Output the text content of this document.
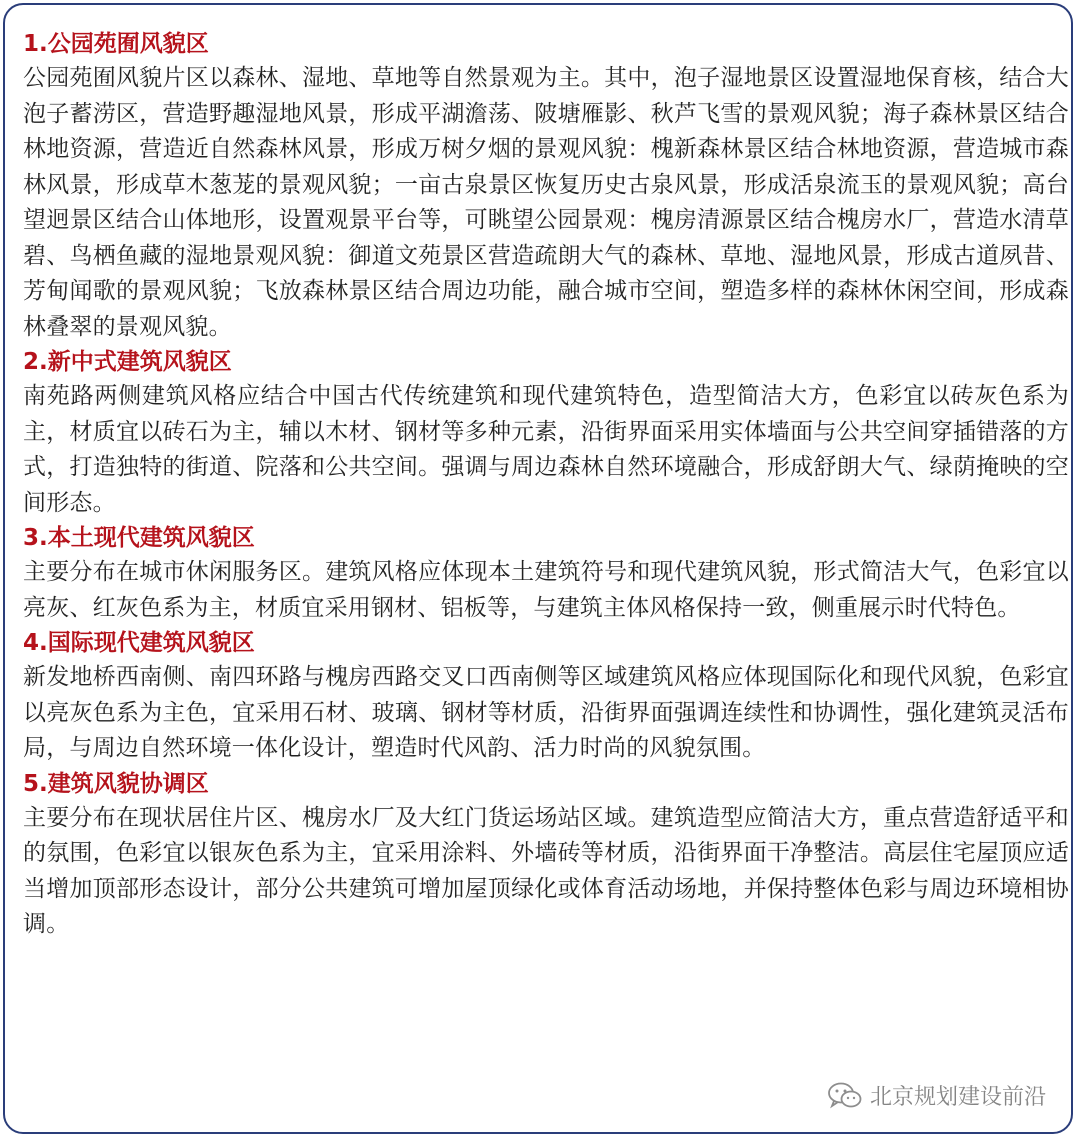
1.公园苑囿风貌区

公园苑囿风貌片区以森林、湿地、草地等自然景观为主。其中，泡子湿地景区设置湿地保育核，结合大泡子蓄涝区，营造野趣湿地风景，形成平湖澹荡、陂塘雁影、秋芦飞雪的景观风貌；海子森林景区结合林地资源，营造近自然森林风景，形成万树夕烟的景观风貌：槐新森林景区结合林地资源，营造城市森林风景，形成草木葱茏的景观风貌；一亩古泉景区恢复历史古泉风景，形成活泉流玉的景观风貌；高台望迥景区结合山体地形，设置观景平台等，可眺望公园景观：槐房清源景区结合槐房水厂，营造水清草碧、鸟栖鱼藏的湿地景观风貌：御道文苑景区营造疏朗大气的森林、草地、湿地风景，形成古道夙昔、芳甸闻歌的景观风貌；飞放森林景区结合周边功能，融合城市空间，塑造多样的森林休闲空间，形成森林叠翠的景观风貌。

2.新中式建筑风貌区

南苑路两侧建筑风格应结合中国古代传统建筑和现代建筑特色，造型简洁大方，色彩宜以砖灰色系为主，材质宜以砖石为主，辅以木材、钢材等多种元素，沿街界面采用实体墙面与公共空间穿插错落的方式，打造独特的街道、院落和公共空间。强调与周边森林自然环境融合，形成舒朗大气、绿荫掩映的空间形态。

3.本土现代建筑风貌区

主要分布在城市休闲服务区。建筑风格应体现本土建筑符号和现代建筑风貌，形式简洁大气，色彩宜以亮灰、红灰色系为主，材质宜采用钢材、铝板等，与建筑主体风格保持一致，侧重展示时代特色。

4.国际现代建筑风貌区

新发地桥西南侧、南四环路与槐房西路交叉口西南侧等区域建筑风格应体现国际化和现代风貌，色彩宜以亮灰色系为主色，宜采用石材、玻璃、钢材等材质，沿街界面强调连续性和协调性，强化建筑灵活布局，与周边自然环境一体化设计，塑造时代风韵、活力时尚的风貌氛围。

5.建筑风貌协调区

主要分布在现状居住片区、槐房水厂及大红门货运场站区域。建筑造型应简洁大方，重点营造舒适平和的氛围，色彩宜以银灰色系为主，宜采用涂料、外墙砖等材质，沿街界面干净整洁。高层住宅屋顶应适当增加顶部形态设计，部分公共建筑可增加屋顶绿化或体育活动场地，并保持整体色彩与周边环境相协调。

北京规划建设前沿
